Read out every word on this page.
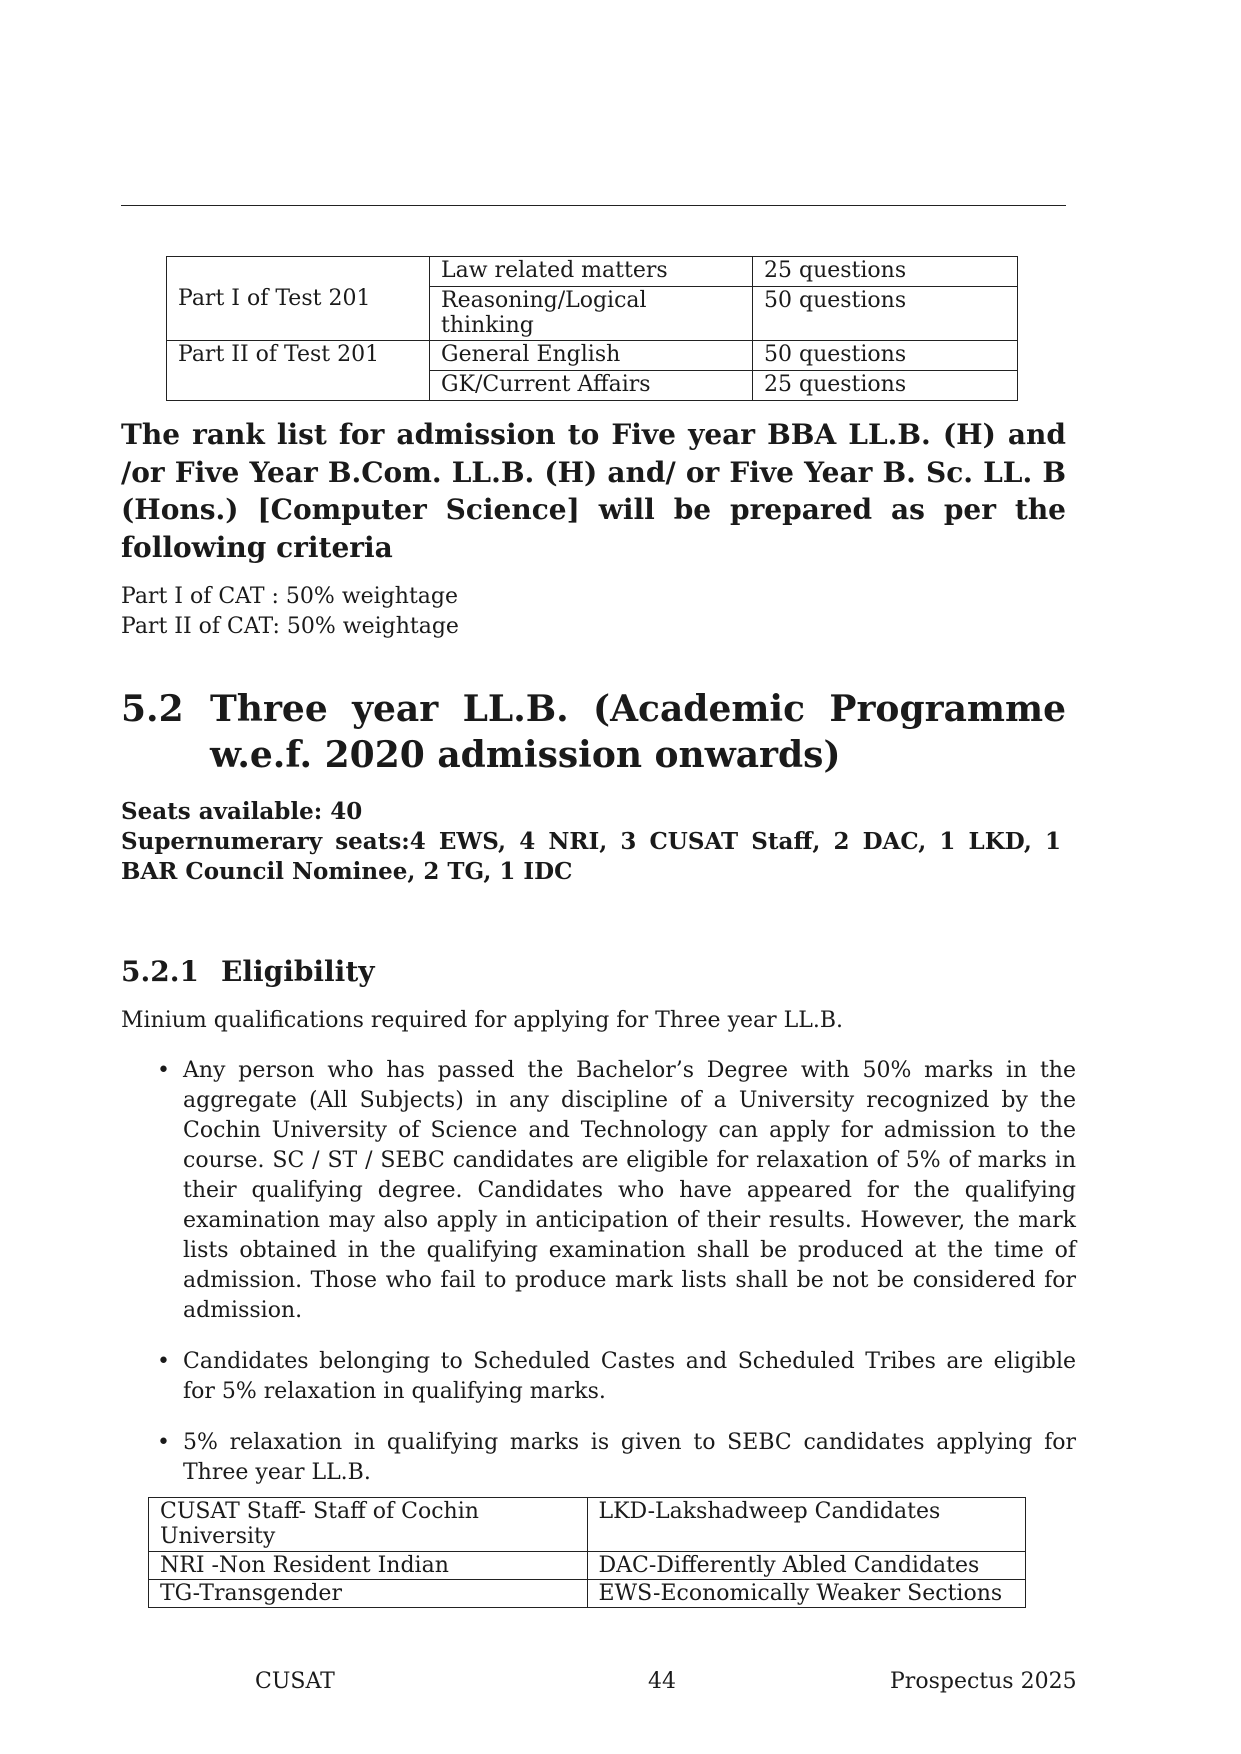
Part I of Test 201	Law related matters	25 questions
	Reasoning/Logical thinking	50 questions
Part II of Test 201	General English	50 questions
	GK/Current Affairs	25 questions
The rank list for admission to Five year BBA LL.B. (H) and /or Five Year B.Com. LL.B. (H) and/ or Five Year B. Sc. LL. B (Hons.) [Computer Science] will be prepared as per the following criteria
Part I of CAT : 50% weightage
Part II of CAT: 50% weightage
5.2 Three year LL.B. (Academic Programme w.e.f. 2020 admission onwards)
Seats available: 40
Supernumerary seats:4 EWS, 4 NRI, 3 CUSAT Staff, 2 DAC, 1 LKD, 1 BAR Council Nominee, 2 TG, 1 IDC
5.2.1 Eligibility
Minium qualifications required for applying for Three year LL.B.
• Any person who has passed the Bachelor’s Degree with 50% marks in the aggregate (All Subjects) in any discipline of a University recognized by the Cochin University of Science and Technology can apply for admission to the course. SC / ST / SEBC candidates are eligible for relaxation of 5% of marks in their qualifying degree. Candidates who have appeared for the qualifying examination may also apply in anticipation of their results. However, the mark lists obtained in the qualifying examination shall be produced at the time of admission. Those who fail to produce mark lists shall be not be considered for admission.
• Candidates belonging to Scheduled Castes and Scheduled Tribes are eligible for 5% relaxation in qualifying marks.
• 5% relaxation in qualifying marks is given to SEBC candidates applying for Three year LL.B.
CUSAT Staff- Staff of Cochin University	LKD-Lakshadweep Candidates
NRI -Non Resident Indian	DAC-Differently Abled Candidates
TG-Transgender	EWS-Economically Weaker Sections
CUSAT	44	Prospectus 2025
